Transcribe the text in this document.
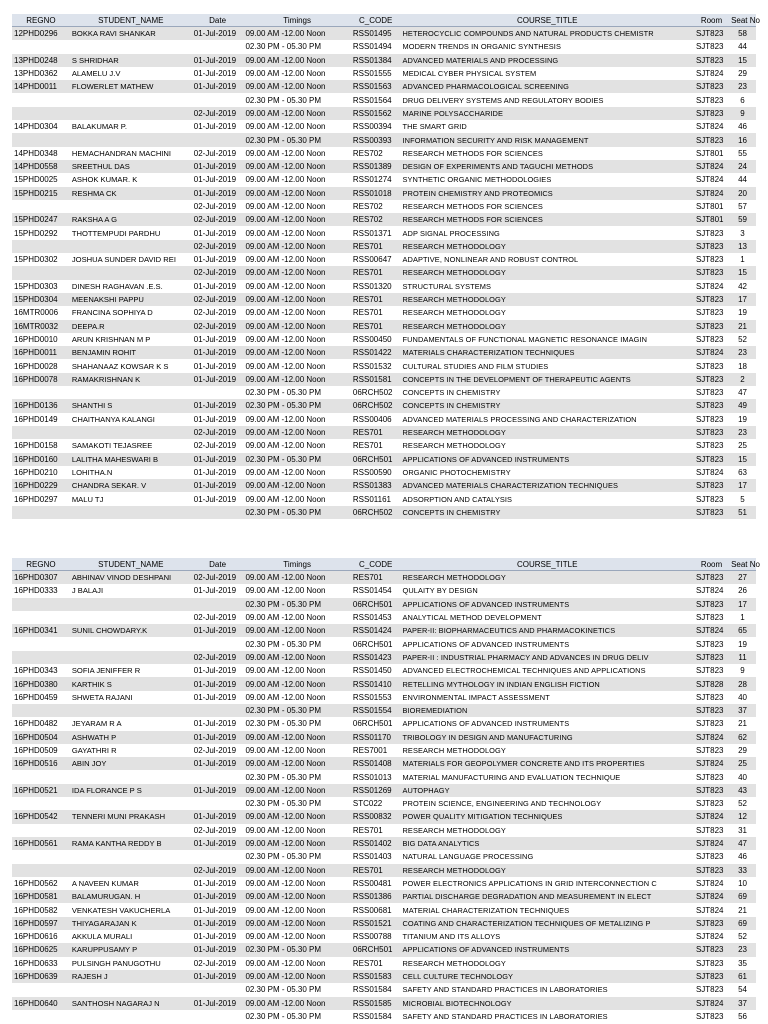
REGNO	STUDENT_NAME	Date	Timings	C_CODE	COURSE_TITLE	Room	Seat No
12PHD0296	BOKKA RAVI SHANKAR	01-Jul-2019	09.00 AM -12.00 Noon	RSS01495	HETEROCYCLIC COMPOUNDS AND NATURAL PRODUCTS CHEMISTR	SJT823	58
			02.30 PM - 05.30 PM	RSS01494	MODERN TRENDS IN ORGANIC SYNTHESIS	SJT823	44
13PHD0248	S SHRIDHAR	01-Jul-2019	09.00 AM -12.00 Noon	RSS01384	ADVANCED MATERIALS AND PROCESSING	SJT823	15
13PHD0362	ALAMELU J.V	01-Jul-2019	09.00 AM -12.00 Noon	RSS01555	MEDICAL CYBER PHYSICAL SYSTEM	SJT824	29
14PHD0011	FLOWERLET MATHEW	01-Jul-2019	09.00 AM -12.00 Noon	RSS01563	ADVANCED PHARMACOLOGICAL SCREENING	SJT823	23
			02.30 PM - 05.30 PM	RSS01564	DRUG DELIVERY SYSTEMS AND REGULATORY BODIES	SJT823	6
		02-Jul-2019	09.00 AM -12.00 Noon	RSS01562	MARINE POLYSACCHARIDE	SJT823	9
14PHD0304	BALAKUMAR P.	01-Jul-2019	09.00 AM -12.00 Noon	RSS00394	THE SMART GRID	SJT824	46
			02.30 PM - 05.30 PM	RSS00393	INFORMATION SECURITY AND RISK MANAGEMENT	SJT823	16
14PHD0348	HEMACHANDRAN MACHINI	02-Jul-2019	09.00 AM -12.00 Noon	RES702	RESEARCH METHODS FOR SCIENCES	SJT801	55
14PHD0558	SREETHUL DAS	01-Jul-2019	09.00 AM -12.00 Noon	RSS01389	DESIGN OF EXPERIMENTS AND TAGUCHI METHODS	SJT824	24
15PHD0025	ASHOK KUMAR. K	01-Jul-2019	09.00 AM -12.00 Noon	RSS01274	SYNTHETIC ORGANIC METHODOLOGIES	SJT824	44
15PHD0215	RESHMA CK	01-Jul-2019	09.00 AM -12.00 Noon	RSS01018	PROTEIN CHEMISTRY AND PROTEOMICS	SJT824	20
		02-Jul-2019	09.00 AM -12.00 Noon	RES702	RESEARCH METHODS FOR SCIENCES	SJT801	57
15PHD0247	RAKSHA A G	02-Jul-2019	09.00 AM -12.00 Noon	RES702	RESEARCH METHODS FOR SCIENCES	SJT801	59
15PHD0292	THOTTEMPUDI PARDHU	01-Jul-2019	09.00 AM -12.00 Noon	RSS01371	ADP SIGNAL PROCESSING	SJT823	3
		02-Jul-2019	09.00 AM -12.00 Noon	RES701	RESEARCH METHODOLOGY	SJT823	13
15PHD0302	JOSHUA SUNDER DAVID REI	01-Jul-2019	09.00 AM -12.00 Noon	RSS00647	ADAPTIVE, NONLINEAR AND ROBUST CONTROL	SJT823	1
		02-Jul-2019	09.00 AM -12.00 Noon	RES701	RESEARCH METHODOLOGY	SJT823	15
15PHD0303	DINESH RAGHAVAN .E.S.	01-Jul-2019	09.00 AM -12.00 Noon	RSS01320	STRUCTURAL SYSTEMS	SJT824	42
15PHD0304	MEENAKSHI PAPPU	02-Jul-2019	09.00 AM -12.00 Noon	RES701	RESEARCH METHODOLOGY	SJT823	17
16MTR0006	FRANCINA SOPHIYA D	02-Jul-2019	09.00 AM -12.00 Noon	RES701	RESEARCH METHODOLOGY	SJT823	19
16MTR0032	DEEPA.R	02-Jul-2019	09.00 AM -12.00 Noon	RES701	RESEARCH METHODOLOGY	SJT823	21
16PHD0010	ARUN KRISHNAN M P	01-Jul-2019	09.00 AM -12.00 Noon	RSS00450	FUNDAMENTALS OF FUNCTIONAL MAGNETIC RESONANCE IMAGIN	SJT823	52
16PHD0011	BENJAMIN ROHIT	01-Jul-2019	09.00 AM -12.00 Noon	RSS01422	MATERIALS CHARACTERIZATION TECHNIQUES	SJT824	23
16PHD0028	SHAHANAAZ KOWSAR K S	01-Jul-2019	09.00 AM -12.00 Noon	RSS01532	CULTURAL STUDIES AND FILM STUDIES	SJT823	18
16PHD0078	RAMAKRISHNAN K	01-Jul-2019	09.00 AM -12.00 Noon	RSS01581	CONCEPTS IN THE DEVELOPMENT OF THERAPEUTIC AGENTS	SJT823	2
			02.30 PM - 05.30 PM	06RCH502	CONCEPTS IN CHEMISTRY	SJT823	47
16PHD0136	SHANTHI S	01-Jul-2019	02.30 PM - 05.30 PM	06RCH502	CONCEPTS IN CHEMISTRY	SJT823	49
16PHD0149	CHAITHANYA KALANGI	01-Jul-2019	09.00 AM -12.00 Noon	RSS00406	ADVANCED MATERIALS PROCESSING AND CHARACTERIZATION	SJT823	19
		02-Jul-2019	09.00 AM -12.00 Noon	RES701	RESEARCH METHODOLOGY	SJT823	23
16PHD0158	SAMAKOTI TEJASREE	02-Jul-2019	09.00 AM -12.00 Noon	RES701	RESEARCH METHODOLOGY	SJT823	25
16PHD0160	LALITHA MAHESWARI B	01-Jul-2019	02.30 PM - 05.30 PM	06RCH501	APPLICATIONS OF ADVANCED INSTRUMENTS	SJT823	15
16PHD0210	LOHITHA.N	01-Jul-2019	09.00 AM -12.00 Noon	RSS00590	ORGANIC PHOTOCHEMISTRY	SJT824	63
16PHD0229	CHANDRA SEKAR. V	01-Jul-2019	09.00 AM -12.00 Noon	RSS01383	ADVANCED MATERIALS CHARACTERIZATION TECHNIQUES	SJT823	17
16PHD0297	MALU TJ	01-Jul-2019	09.00 AM -12.00 Noon	RSS01161	ADSORPTION AND CATALYSIS	SJT823	5
			02.30 PM - 05.30 PM	06RCH502	CONCEPTS IN CHEMISTRY	SJT823	51
REGNO	STUDENT_NAME	Date	Timings	C_CODE	COURSE_TITLE	Room	Seat No
16PHD0307	ABHINAV VINOD DESHPANI	02-Jul-2019	09.00 AM -12.00 Noon	RES701	RESEARCH METHODOLOGY	SJT823	27
16PHD0333	J BALAJI	01-Jul-2019	09.00 AM -12.00 Noon	RSS01454	QULAITY BY DESIGN	SJT824	26
			02.30 PM - 05.30 PM	06RCH501	APPLICATIONS OF ADVANCED INSTRUMENTS	SJT823	17
		02-Jul-2019	09.00 AM -12.00 Noon	RSS01453	ANALYTICAL METHOD DEVELOPMENT	SJT823	1
16PHD0341	SUNIL CHOWDARY.K	01-Jul-2019	09.00 AM -12.00 Noon	RSS01424	PAPER-II: BIOPHARMACEUTICS AND PHARMACOKINETICS	SJT824	65
			02.30 PM - 05.30 PM	06RCH501	APPLICATIONS OF ADVANCED INSTRUMENTS	SJT823	19
		02-Jul-2019	09.00 AM -12.00 Noon	RSS01423	PAPER-II : INDUSTRIAL PHARMACY AND ADVANCES IN DRUG DELIV	SJT823	11
16PHD0343	SOFIA JENIFFER R	01-Jul-2019	09.00 AM -12.00 Noon	RSS01450	ADVANCED ELECTROCHEMICAL TECHNIQUES AND APPLICATIONS	SJT823	9
16PHD0380	KARTHIK S	01-Jul-2019	09.00 AM -12.00 Noon	RSS01410	RETELLING MYTHOLOGY IN INDIAN ENGLISH FICTION	SJT828	28
16PHD0459	SHWETA RAJANI	01-Jul-2019	09.00 AM -12.00 Noon	RSS01553	ENVIRONMENTAL IMPACT ASSESSMENT	SJT823	40
			02.30 PM - 05.30 PM	RSS01554	BIOREMEDIATION	SJT823	37
16PHD0482	JEYARAM R A	01-Jul-2019	02.30 PM - 05.30 PM	06RCH501	APPLICATIONS OF ADVANCED INSTRUMENTS	SJT823	21
16PHD0504	ASHWATH P	01-Jul-2019	09.00 AM -12.00 Noon	RSS01170	TRIBOLOGY IN DESIGN AND MANUFACTURING	SJT824	62
16PHD0509	GAYATHRI R	02-Jul-2019	09.00 AM -12.00 Noon	RES7001	RESEARCH METHODOLOGY	SJT823	29
16PHD0516	ABIN JOY	01-Jul-2019	09.00 AM -12.00 Noon	RSS01408	MATERIALS FOR GEOPOLYMER CONCRETE AND ITS PROPERTIES	SJT824	25
			02.30 PM - 05.30 PM	RSS01013	MATERIAL MANUFACTURING AND EVALUATION TECHNIQUE	SJT823	40
16PHD0521	IDA FLORANCE P S	01-Jul-2019	09.00 AM -12.00 Noon	RSS01269	AUTOPHAGY	SJT823	43
			02.30 PM - 05.30 PM	STC022	PROTEIN SCIENCE, ENGINEERING AND TECHNOLOGY	SJT823	52
16PHD0542	TENNERI MUNI PRAKASH	01-Jul-2019	09.00 AM -12.00 Noon	RSS00832	POWER QUALITY MITIGATION TECHNIQUES	SJT824	12
		02-Jul-2019	09.00 AM -12.00 Noon	RES701	RESEARCH METHODOLOGY	SJT823	31
16PHD0561	RAMA KANTHA REDDY B	01-Jul-2019	09.00 AM -12.00 Noon	RSS01402	BIG DATA ANALYTICS	SJT824	47
			02.30 PM - 05.30 PM	RSS01403	NATURAL LANGUAGE PROCESSING	SJT823	46
		02-Jul-2019	09.00 AM -12.00 Noon	RES701	RESEARCH METHODOLOGY	SJT823	33
16PHD0562	A NAVEEN KUMAR	01-Jul-2019	09.00 AM -12.00 Noon	RSS00481	POWER ELECTRONICS APPLICATIONS IN GRID INTERCONNECTION C	SJT824	10
16PHD0581	BALAMURUGAN. H	01-Jul-2019	09.00 AM -12.00 Noon	RSS01386	PARTIAL DISCHARGE DEGRADATION AND MEASUREMENT IN ELECT	SJT824	69
16PHD0582	VENKATESH VAKUCHERLA	01-Jul-2019	09.00 AM -12.00 Noon	RSS00681	MATERIAL CHARACTERIZATION TECHNIQUES	SJT824	21
16PHD0597	THIYAGARAJAN K	01-Jul-2019	09.00 AM -12.00 Noon	RSS01521	COATING AND CHARACTERIZATION TECHNIQUES OF METALIZING P	SJT823	69
16PHD0616	AKKULA MURALI	01-Jul-2019	09.00 AM -12.00 Noon	RSS00788	TITANIUM AND ITS ALLOYS	SJT824	52
16PHD0625	KARUPPUSAMY P	01-Jul-2019	02.30 PM - 05.30 PM	06RCH501	APPLICATIONS OF ADVANCED INSTRUMENTS	SJT823	23
16PHD0633	PULSINGH PANUGOTHU	02-Jul-2019	09.00 AM -12.00 Noon	RES701	RESEARCH METHODOLOGY	SJT823	35
16PHD0639	RAJESH J	01-Jul-2019	09.00 AM -12.00 Noon	RSS01583	CELL CULTURE TECHNOLOGY	SJT823	61
			02.30 PM - 05.30 PM	RSS01584	SAFETY AND STANDARD PRACTICES IN LABORATORIES	SJT823	54
16PHD0640	SANTHOSH NAGARAJ N	01-Jul-2019	09.00 AM -12.00 Noon	RSS01585	MICROBIAL BIOTECHNOLOGY	SJT824	37
			02.30 PM - 05.30 PM	RSS01584	SAFETY AND STANDARD PRACTICES IN LABORATORIES	SJT823	56
